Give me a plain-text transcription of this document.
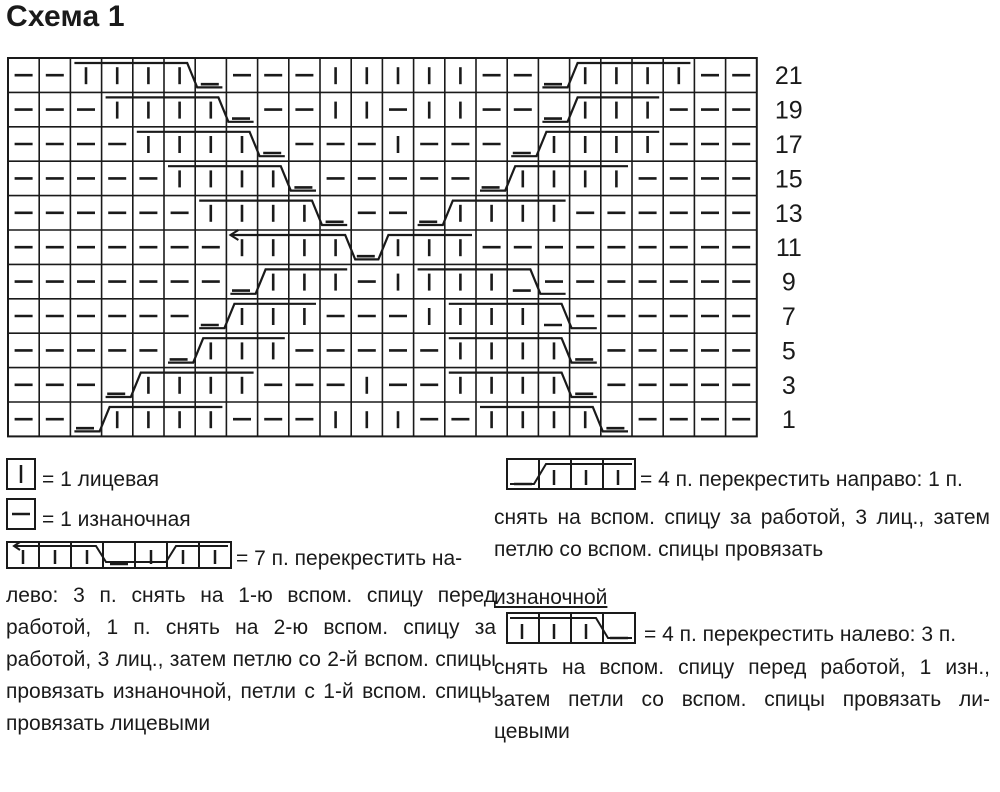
Схема 1
21
19
17
15
13
11
9
7
5
3
1
= 1 лицевая
= 1 изнаночная
= 7 п. перекрестить на-
лево: 3 п. снять на 1-ю вспом. спицу перед работой, 1 п. снять на 2-ю вспом. спицу за работой, 3 лиц., затем петлю со 2-й вспом. спицы провязать изнаночной, петли с 1-й вспом. спицы провязать лицевыми
= 4 п. перекрестить направо: 1 п.
снять на вспом. спицу за работой, 3 лиц., затем петлю со вспом. спицы провязать
изнаночной
= 4 п. перекрестить налево: 3 п.
снять на вспом. спицу перед работой, 1 изн., затем петли со вспом. спицы провязать ли-цевыми
